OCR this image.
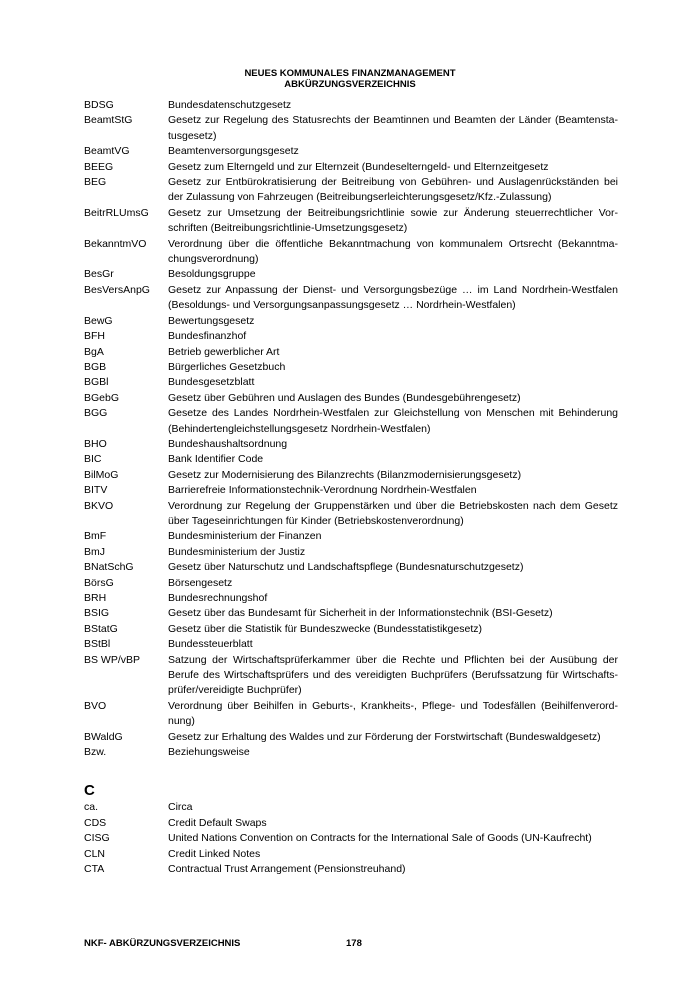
NEUES KOMMUNALES FINANZMANAGEMENT
ABKÜRZUNGSVERZEICHNIS
BDSG	Bundesdatenschutzgesetz
BeamtStG	Gesetz zur Regelung des Statusrechts der Beamtinnen und Beamten der Länder (Beamtensta-tusgesetz)
BeamtVG	Beamtenversorgungsgesetz
BEEG	Gesetz zum Elterngeld und zur Elternzeit (Bundeselterngeld- und Elternzeitgesetz
BEG	Gesetz zur Entbürokratisierung der Beitreibung von Gebühren- und Auslagenrückständen bei der Zulassung von Fahrzeugen (Beitreibungserleichterungsgesetz/Kfz.-Zulassung)
BeitrRLUmsG	Gesetz zur Umsetzung der Beitreibungsrichtlinie sowie zur Änderung steuerrechtlicher Vor-schriften (Beitreibungsrichtlinie-Umsetzungsgesetz)
BekanntmVO	Verordnung über die öffentliche Bekanntmachung von kommunalem Ortsrecht (Bekanntma-chungsverordnung)
BesGr	Besoldungsgruppe
BesVersAnpG	Gesetz zur Anpassung der Dienst- und Versorgungsbezüge … im Land Nordrhein-Westfalen (Besoldungs- und Versorgungsanpassungsgesetz … Nordrhein-Westfalen)
BewG	Bewertungsgesetz
BFH	Bundesfinanzhof
BgA	Betrieb gewerblicher Art
BGB	Bürgerliches Gesetzbuch
BGBl	Bundesgesetzblatt
BGebG	Gesetz über Gebühren und Auslagen des Bundes (Bundesgebührengesetz)
BGG	Gesetze des Landes Nordrhein-Westfalen zur Gleichstellung von Menschen mit Behinderung (Behindertengleichstellungsgesetz Nordrhein-Westfalen)
BHO	Bundeshaushaltsordnung
BIC	Bank Identifier Code
BilMoG	Gesetz zur Modernisierung des Bilanzrechts (Bilanzmodernisierungsgesetz)
BITV	Barrierefreie Informationstechnik-Verordnung Nordrhein-Westfalen
BKVO	Verordnung zur Regelung der Gruppenstärken und über die Betriebskosten nach dem Gesetz über Tageseinrichtungen für Kinder (Betriebskostenverordnung)
BmF	Bundesministerium der Finanzen
BmJ	Bundesministerium der Justiz
BNatSchG	Gesetz über Naturschutz und Landschaftspflege (Bundesnaturschutzgesetz)
BörsG	Börsengesetz
BRH	Bundesrechnungshof
BSIG	Gesetz über das Bundesamt für Sicherheit in der Informationstechnik (BSI-Gesetz)
BStatG	Gesetz über die Statistik für Bundeszwecke (Bundesstatistikgesetz)
BStBl	Bundessteuerblatt
BS WP/vBP	Satzung der Wirtschaftsprüferkammer über die Rechte und Pflichten bei der Ausübung der Berufe des Wirtschaftsprüfers und des vereidigten Buchprüfers (Berufssatzung für Wirtschafts-prüfer/vereidigte Buchprüfer)
BVO	Verordnung über Beihilfen in Geburts-, Krankheits-, Pflege- und Todesfällen (Beihilfenverord-nung)
BWaldG	Gesetz zur Erhaltung des Waldes und zur Förderung der Forstwirtschaft (Bundeswaldgesetz)
Bzw.	Beziehungsweise
C
ca.	Circa
CDS	Credit Default Swaps
CISG	United Nations Convention on Contracts for the International Sale of Goods (UN-Kaufrecht)
CLN	Credit Linked Notes
CTA	Contractual Trust Arrangement (Pensionstreuhand)
NKF- ABKÜRZUNGSVERZEICHNIS	178
